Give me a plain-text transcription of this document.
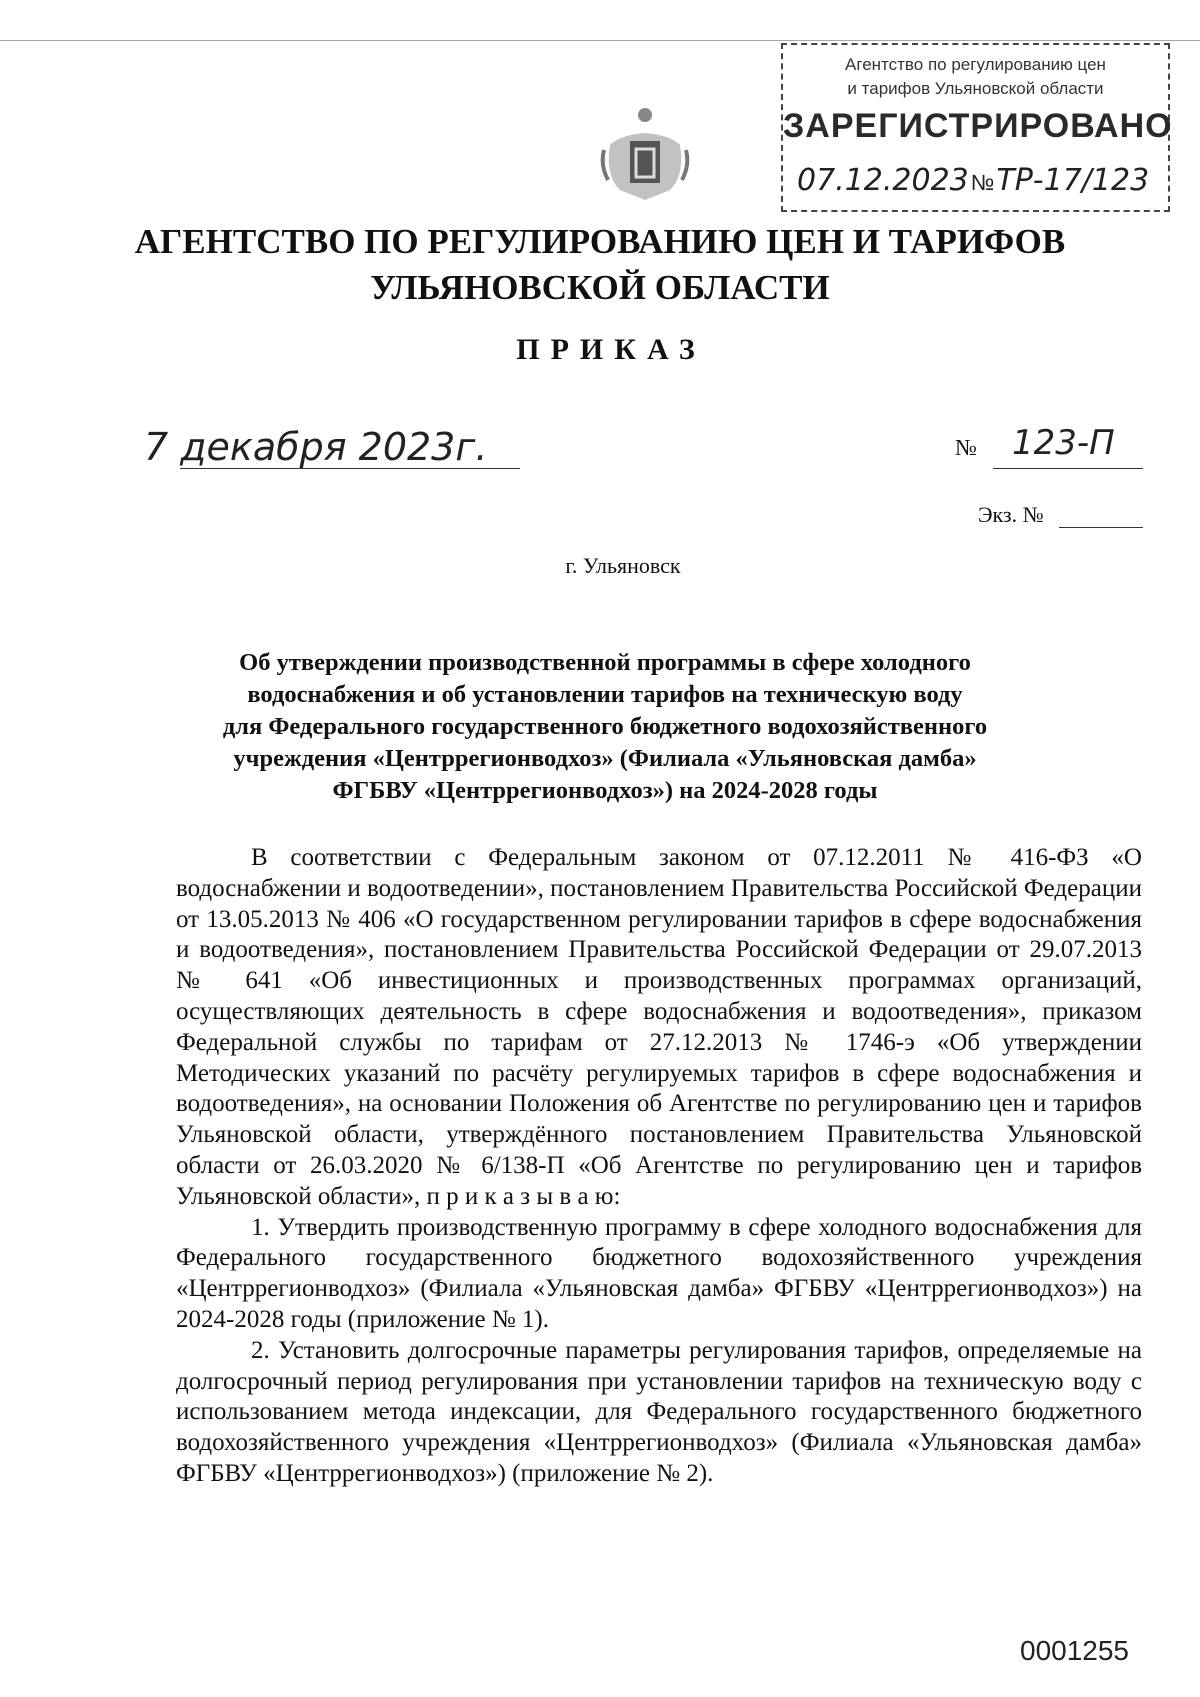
Агентство по регулированию цен
и тарифов Ульяновской области
ЗАРЕГИСТРИРОВАНО
07.12.2023№ТР-17/123
АГЕНТСТВО ПО РЕГУЛИРОВАНИЮ ЦЕН И ТАРИФОВ
УЛЬЯНОВСКОЙ ОБЛАСТИ
ПРИКАЗ
7 декабря 2023г.	№ 123-П
Экз. №
г. Ульяновск
Об утверждении производственной программы в сфере холодного
водоснабжения и об установлении тарифов на техническую воду
для Федерального государственного бюджетного водохозяйственного
учреждения «Центррегионводхоз» (Филиала «Ульяновская дамба»
ФГБВУ «Центррегионводхоз») на 2024-2028 годы

В соответствии с Федеральным законом от 07.12.2011 № 416-ФЗ «О водоснабжении и водоотведении», постановлением Правительства Российской Федерации от 13.05.2013 № 406 «О государственном регулировании тарифов в сфере водоснабжения и водоотведения», постановлением Правительства Российской Федерации от 29.07.2013 № 641 «Об инвестиционных и производственных программах организаций, осуществляющих деятельность в сфере водоснабжения и водоотведения», приказом Федеральной службы по тарифам от 27.12.2013 № 1746-э «Об утверждении Методических указаний по расчёту регулируемых тарифов в сфере водоснабжения и водоотведения», на основании Положения об Агентстве по регулированию цен и тарифов Ульяновской области, утверждённого постановлением Правительства Ульяновской области от 26.03.2020 № 6/138-П «Об Агентстве по регулированию цен и тарифов Ульяновской области», п р и к а з ы в а ю:

1. Утвердить производственную программу в сфере холодного водоснабжения для Федерального государственного бюджетного водохозяйственного учреждения «Центррегионводхоз» (Филиала «Ульяновская дамба» ФГБВУ «Центррегионводхоз») на 2024-2028 годы (приложение № 1).

2. Установить долгосрочные параметры регулирования тарифов, определяемые на долгосрочный период регулирования при установлении тарифов на техническую воду с использованием метода индексации, для Федерального государственного бюджетного водохозяйственного учреждения «Центррегионводхоз» (Филиала «Ульяновская дамба» ФГБВУ «Центррегионводхоз») (приложение № 2).

0001255
